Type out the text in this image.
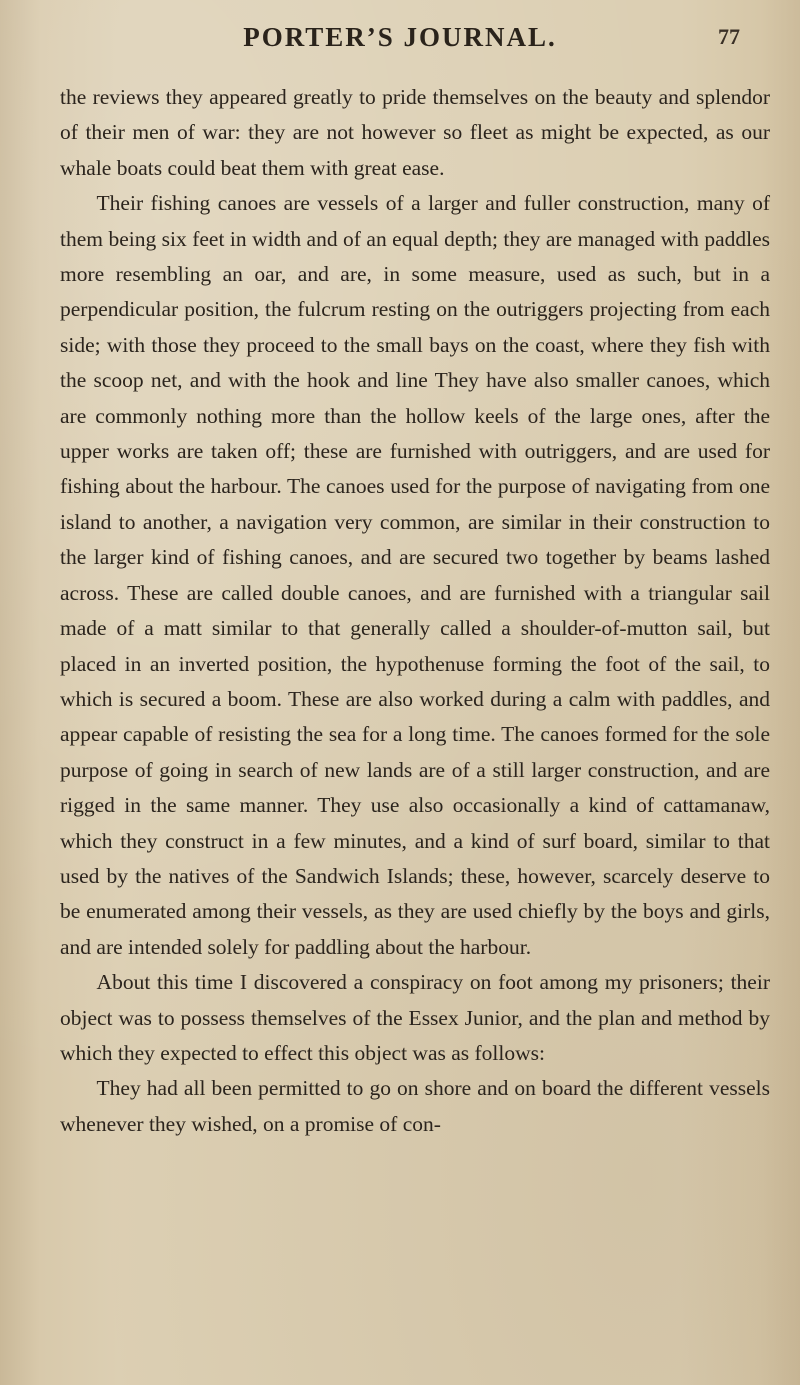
PORTER’S JOURNAL.	77

the reviews they appeared greatly to pride themselves on the beauty and splendor of their men of war: they are not however so fleet as might be expected, as our whale boats could beat them with great ease.

Their fishing canoes are vessels of a larger and fuller construction, many of them being six feet in width and of an equal depth; they are managed with paddles more resembling an oar, and are, in some measure, used as such, but in a perpendicular position, the fulcrum resting on the outriggers projecting from each side; with those they proceed to the small bays on the coast, where they fish with the scoop net, and with the hook and line They have also smaller canoes, which are commonly nothing more than the hollow keels of the large ones, after the upper works are taken off; these are furnished with outriggers, and are used for fishing about the harbour. The canoes used for the purpose of navigating from one island to another, a navigation very common, are similar in their construction to the larger kind of fishing canoes, and are secured two together by beams lashed across. These are called double canoes, and are furnished with a triangular sail made of a matt similar to that generally called a shoulder-of-mutton sail, but placed in an inverted position, the hypothenuse forming the foot of the sail, to which is secured a boom. These are also worked during a calm with paddles, and appear capable of resisting the sea for a long time. The canoes formed for the sole purpose of going in search of new lands are of a still larger construction, and are rigged in the same manner. They use also occasionally a kind of cattamanaw, which they construct in a few minutes, and a kind of surf board, similar to that used by the natives of the Sandwich Islands; these, however, scarcely deserve to be enumerated among their vessels, as they are used chiefly by the boys and girls, and are intended solely for paddling about the harbour.

About this time I discovered a conspiracy on foot among my prisoners; their object was to possess themselves of the Essex Junior, and the plan and method by which they expected to effect this object was as follows:

They had all been permitted to go on shore and on board the different vessels whenever they wished, on a promise of con-
